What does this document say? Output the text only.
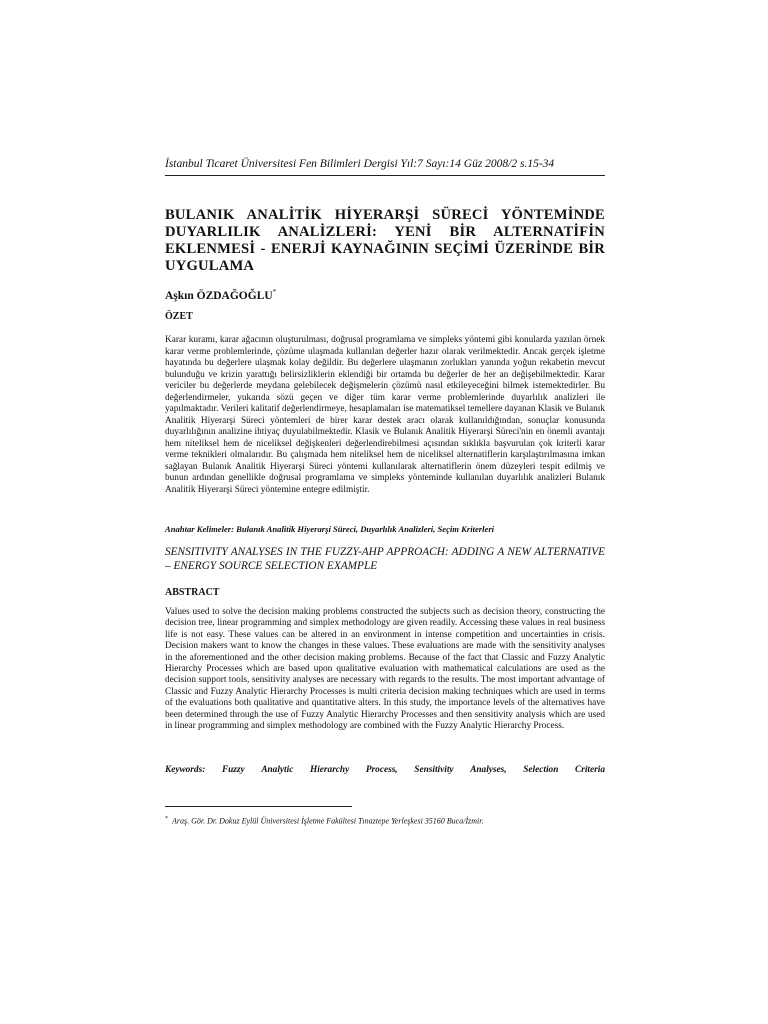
İstanbul Ticaret Üniversitesi Fen Bilimleri Dergisi Yıl:7 Sayı:14 Güz 2008/2 s.15-34
BULANIK ANALİTİK HİYERARŞİ SÜRECİ YÖNTEMİNDE DUYARLILIK ANALİZLERİ: YENİ BİR ALTERNATİFİN EKLENMESİ - ENERJİ KAYNAĞININ SEÇİMİ ÜZERİNDE BİR UYGULAMA
Aşkın ÖZDAĞOĞLU*
ÖZET

Karar kuramı, karar ağacının oluşturulması, doğrusal programlama ve simpleks yöntemi gibi konularda yazılan örnek karar verme problemlerinde, çözüme ulaşmada kullanılan değerler hazır olarak verilmektedir. Ancak gerçek işletme hayatında bu değerlere ulaşmak kolay değildir. Bu değerlere ulaşmanın zorlukları yanında yoğun rekabetin mevcut bulunduğu ve krizin yarattığı belirsizliklerin eklendiği bir ortamda bu değerler de her an değişebilmektedir. Karar vericiler bu değerlerde meydana gelebilecek değişmelerin çözümü nasıl etkileyeceğini bilmek istemektedirler. Bu değerlendirmeler, yukarıda sözü geçen ve diğer tüm karar verme problemlerinde duyarlılık analizleri ile yapılmaktadır. Verileri kalitatif değerlendirmeye, hesaplamaları ise matematiksel temellere dayanan Klasik ve Bulanık Analitik Hiyerarşi Süreci yöntemleri de birer karar destek aracı olarak kullanıldığından, sonuçlar konusunda duyarlılığının analizine ihtiyaç duyulabilmektedir. Klasik ve Bulanık Analitik Hiyerarşi Süreci'nin en önemli avantajı hem niteliksel hem de niceliksel değişkenleri değerlendirebilmesi açısından sıklıkla başvurulan çok kriterli karar verme teknikleri olmalarıdır. Bu çalışmada hem niteliksel hem de niceliksel alternatiflerin karşılaştırılmasına imkan sağlayan Bulanık Analitik Hiyerarşi Süreci yöntemi kullanılarak alternatiflerin önem düzeyleri tespit edilmiş ve bunun ardından genellikle doğrusal programlama ve simpleks yönteminde kullanılan duyarlılık analizleri Bulanık Analitik Hiyerarşi Süreci yöntemine entegre edilmiştir.

Anahtar Kelimeler: Bulanık Analitik Hiyerarşi Süreci, Duyarlılık Analizleri, Seçim Kriterleri

SENSITIVITY ANALYSES IN THE FUZZY-AHP APPROACH: ADDING A NEW ALTERNATIVE – ENERGY SOURCE SELECTION EXAMPLE

ABSTRACT

Values used to solve the decision making problems constructed the subjects such as decision theory, constructing the decision tree, linear programming and simplex methodology are given readily. Accessing these values in real business life is not easy. These values can be altered in an environment in intense competition and uncertainties in crisis. Decision makers want to know the changes in these values. These evaluations are made with the sensitivity analyses in the aforementioned and the other decision making problems. Because of the fact that Classic and Fuzzy Analytic Hierarchy Processes which are based upon qualitative evaluation with mathematical calculations are used as the decision support tools, sensitivity analyses are necessary with regards to the results. The most important advantage of Classic and Fuzzy Analytic Hierarchy Processes is multi criteria decision making techniques which are used in terms of the evaluations both qualitative and quantitative alters. In this study, the importance levels of the alternatives have been determined through the use of Fuzzy Analytic Hierarchy Processes and then sensitivity analysis which are used in linear programming and simplex methodology are combined with the Fuzzy Analytic Hierarchy Process.

Keywords: Fuzzy Analytic Hierarchy Process, Sensitivity Analyses, Selection Criteria
* Araş. Gör. Dr. Dokuz Eylül Üniversitesi İşletme Fakültesi Tınaztepe Yerleşkesi 35160 Buca/İzmir.
